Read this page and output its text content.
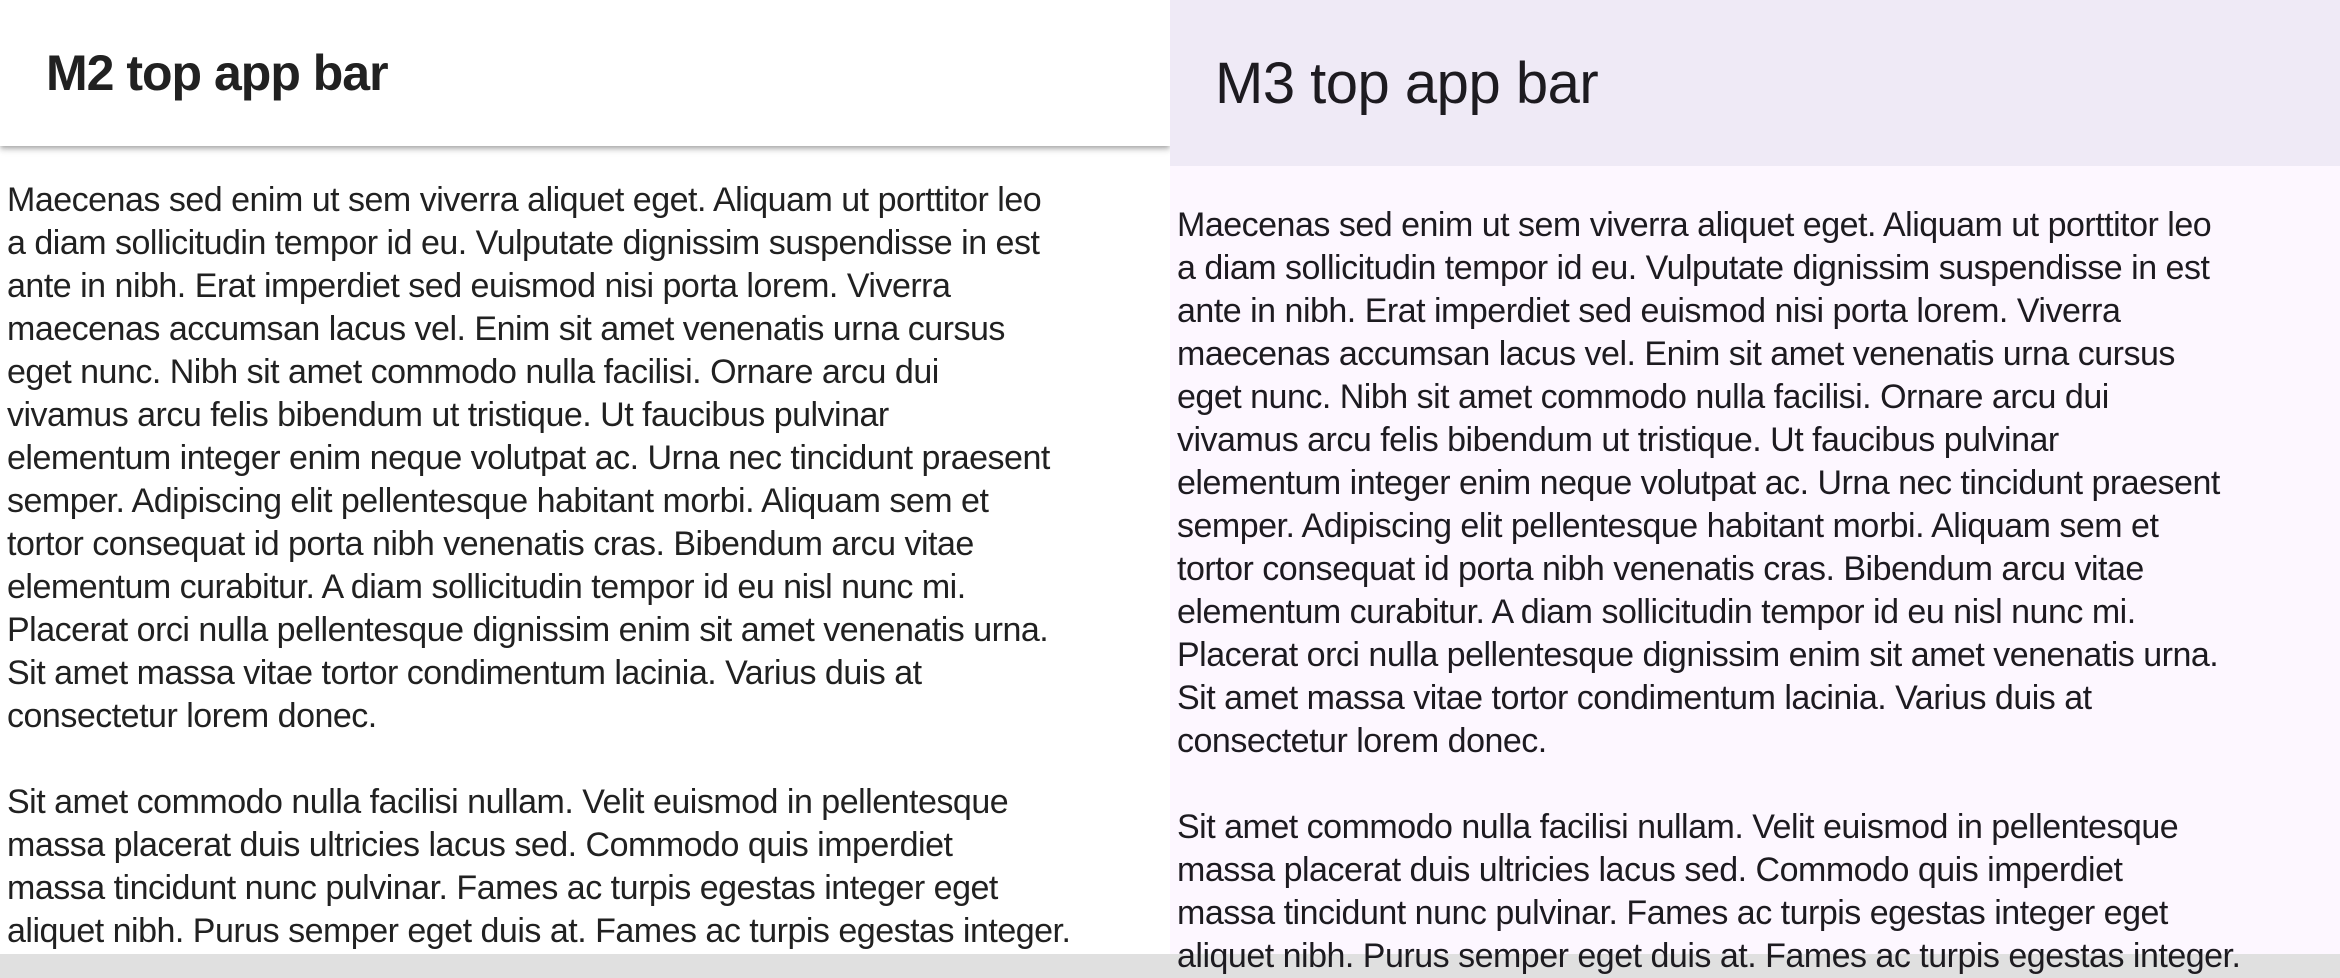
M2 top app bar
Maecenas sed enim ut sem viverra aliquet eget. Aliquam ut porttitor leo
a diam sollicitudin tempor id eu. Vulputate dignissim suspendisse in est
ante in nibh. Erat imperdiet sed euismod nisi porta lorem. Viverra
maecenas accumsan lacus vel. Enim sit amet venenatis urna cursus
eget nunc. Nibh sit amet commodo nulla facilisi. Ornare arcu dui
vivamus arcu felis bibendum ut tristique. Ut faucibus pulvinar
elementum integer enim neque volutpat ac. Urna nec tincidunt praesent
semper. Adipiscing elit pellentesque habitant morbi. Aliquam sem et
tortor consequat id porta nibh venenatis cras. Bibendum arcu vitae
elementum curabitur. A diam sollicitudin tempor id eu nisl nunc mi.
Placerat orci nulla pellentesque dignissim enim sit amet venenatis urna.
Sit amet massa vitae tortor condimentum lacinia. Varius duis at
consectetur lorem donec.
Sit amet commodo nulla facilisi nullam. Velit euismod in pellentesque
massa placerat duis ultricies lacus sed. Commodo quis imperdiet
massa tincidunt nunc pulvinar. Fames ac turpis egestas integer eget
aliquet nibh. Purus semper eget duis at. Fames ac turpis egestas integer.
M3 top app bar
Maecenas sed enim ut sem viverra aliquet eget. Aliquam ut porttitor leo
a diam sollicitudin tempor id eu. Vulputate dignissim suspendisse in est
ante in nibh. Erat imperdiet sed euismod nisi porta lorem. Viverra
maecenas accumsan lacus vel. Enim sit amet venenatis urna cursus
eget nunc. Nibh sit amet commodo nulla facilisi. Ornare arcu dui
vivamus arcu felis bibendum ut tristique. Ut faucibus pulvinar
elementum integer enim neque volutpat ac. Urna nec tincidunt praesent
semper. Adipiscing elit pellentesque habitant morbi. Aliquam sem et
tortor consequat id porta nibh venenatis cras. Bibendum arcu vitae
elementum curabitur. A diam sollicitudin tempor id eu nisl nunc mi.
Placerat orci nulla pellentesque dignissim enim sit amet venenatis urna.
Sit amet massa vitae tortor condimentum lacinia. Varius duis at
consectetur lorem donec.
Sit amet commodo nulla facilisi nullam. Velit euismod in pellentesque
massa placerat duis ultricies lacus sed. Commodo quis imperdiet
massa tincidunt nunc pulvinar. Fames ac turpis egestas integer eget
aliquet nibh. Purus semper eget duis at. Fames ac turpis egestas integer.
